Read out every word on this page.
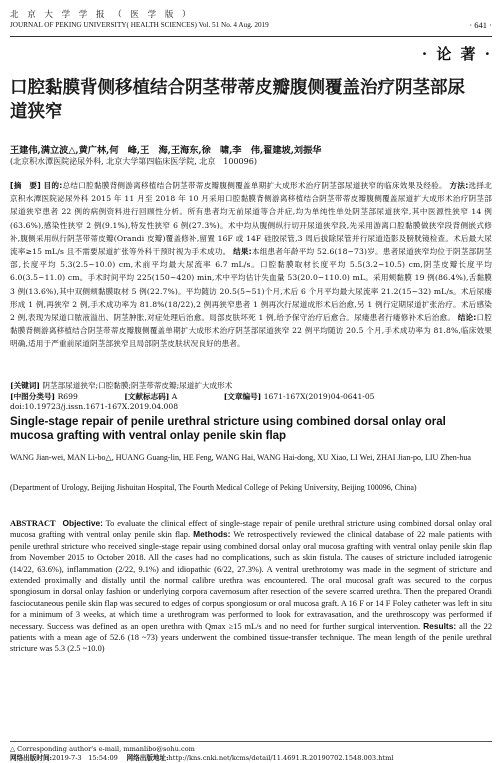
北 京 大 学 学 报 （ 医 学 版 ）
JOURNAL OF PEKING UNIVERSITY( HEALTH SCIENCES) Vol. 51 No. 4 Aug. 2019	· 641 ·
· 论 著 ·
口腔黏膜背侧移植结合阴茎带蒂皮瓣腹侧覆盖治疗阴茎部尿道狭窄
王建伟,满立波△,黄广林,何　峰,王　海,王海东,徐　啸,李　伟,翟建坡,刘振华
(北京积水潭医院泌尿外科, 北京大学第四临床医学院, 北京　100096)
[摘　要] 目的:总结口腔黏膜背侧游离移植结合阴茎带蒂皮瓣腹侧覆盖单期扩大成形术治疗阴茎部尿道狭窄的临床效果及经验。 方法:选择北京积水潭医院泌尿外科 2015 年 11 月至 2018 年 10 月采用口腔黏膜背侧游离移植结合阴茎带蒂皮瓣腹侧覆盖尿道扩大成形术治疗阴茎部尿道狭窄患者 22 例的病例资料进行回顾性分析。所有患者均无前尿道等合并症,均为单纯性单处阴茎部尿道狭窄,其中医源性狭窄 14 例(63.6%),感染性狭窄 2 例(9.1%),特发性狭窄 6 例(27.3%)。术中均从腹侧纵行切开尿道狭窄段,先采用游离口腔黏膜做狭窄段背侧嵌式修补,腹侧采用纵行阴茎带蒂皮瓣(Orandi 皮瓣)覆盖修补,留置 16F 或 14F 硅胶尿管,3 周后拔除尿管并行尿道造影及膀胱镜检查。术后最大尿流率≥15 mL/s 且不需要尿道扩张等外科干预时视为手术成功。 结果:本组患者年龄平均 52.6(18~73)岁。患者尿道狭窄均位于阴茎部阴茎部,长度平均 5.3(2.5~10.0) cm,术前平均最大尿流率 6.7 mL/s。口腔黏膜取材长度平均 5.5(3.2~10.5) cm,阴茎皮瓣长度平均 6.0(3.5~11.0) cm。手术时间平均 225(150~420) min,术中平均估计失血量 53(20.0~110.0) mL。采用颊黏膜 19 例(86.4%),舌黏膜 3 例(13.6%),其中双侧颊黏膜取材 5 例(22.7%)。平均随访 20.5(5~51)个月,术后 6 个月平均最大尿流率 21.2(15~32) mL/s。术后尿瘘形成 1 例,再狭窄 2 例,手术成功率为 81.8%(18/22),2 例再狭窄患者 1 例再次行尿道成形术后治愈,另 1 例行定期尿道扩张治疗。术后感染 2 例,表现为尿道口脓液溢出、阴茎肿胀,对症处理后治愈。局部皮肤坏死 1 例,给予保守治疗后愈合。尿瘘患者行瘘修补术后治愈。 结论:口腔黏膜背侧游离移植结合阴茎带蒂皮瓣腹侧覆盖单期扩大成形术治疗阴茎部尿道狭窄 22 例平均随访 20.5 个月,手术成功率为 81.8%,临床效果明确,适用于严重前尿道阴茎部狭窄且局部阴茎皮肤状况良好的患者。
[关键词] 阴茎部尿道狭窄;口腔黏膜;阴茎带蒂皮瓣;尿道扩大成形术
[中图分类号] R699	[文献标志码] A	[文章编号] 1671-167X(2019)04-0641-05
doi:10.19723/j.issn.1671-167X.2019.04.008
Single-stage repair of penile urethral stricture using combined dorsal onlay oral mucosa grafting with ventral onlay penile skin flap
WANG Jian-wei, MAN Li-bo△, HUANG Guang-lin, HE Feng, WANG Hai, WANG Hai-dong, XU Xiao, LI Wei, ZHAI Jian-po, LIU Zhen-hua
(Department of Urology, Beijing Jishuitan Hospital, The Fourth Medical College of Peking University, Beijing 100096, China)
ABSTRACT Objective: To evaluate the clinical effect of single-stage repair of penile urethral stricture using combined dorsal onlay oral mucosa grafting with ventral onlay penile skin flap. Methods: We retrospectively reviewed the clinical database of 22 male patients with penile urethral stricture who received single-stage repair using combined dorsal onlay oral mucosa grafting with ventral onlay penile skin flap from November 2015 to October 2018. All the cases had no complications, such as skin fistula. The causes of stricture included iatrogenic (14/22, 63.6%), inflammation (2/22, 9.1%) and idiopathic (6/22, 27.3%). A ventral urethrotomy was made in the segment of stricture and extended proximally and distally until the normal calibre urethra was encountered. The oral mucosal graft was secured to the corpus spongiosum in dorsal onlay fashion or underlying corpora cavernosum after resection of the severe scarred urethra. Then the prepared Orandi fasciocutaneous penile skin flap was secured to edges of corpus spongiosum or oral mucosa graft. A 16 F or 14 F Foley catheter was left in situ for a minimum of 3 weeks, at which time a urethrogram was performed to look for extravasation, and the urethroscopy was performed if necessary. Success was defined as an open urethra with Qmax ≥15 mL/s and no need for further surgical intervention. Results: all the 22 patients with a mean age of 52.6 (18 ~73) years underwent the combined tissue-transfer technique. The mean length of the penile urethral stricture was 5.3 (2.5 ~10.0)
△ Corresponding author's e-mail, mmanlibo@sohu.com
网络出版时间:2019-7-3　15:54:09　 网络出版地址:http://kns.cnki.net/kcms/detail/11.4691.R.20190702.1548.003.html
